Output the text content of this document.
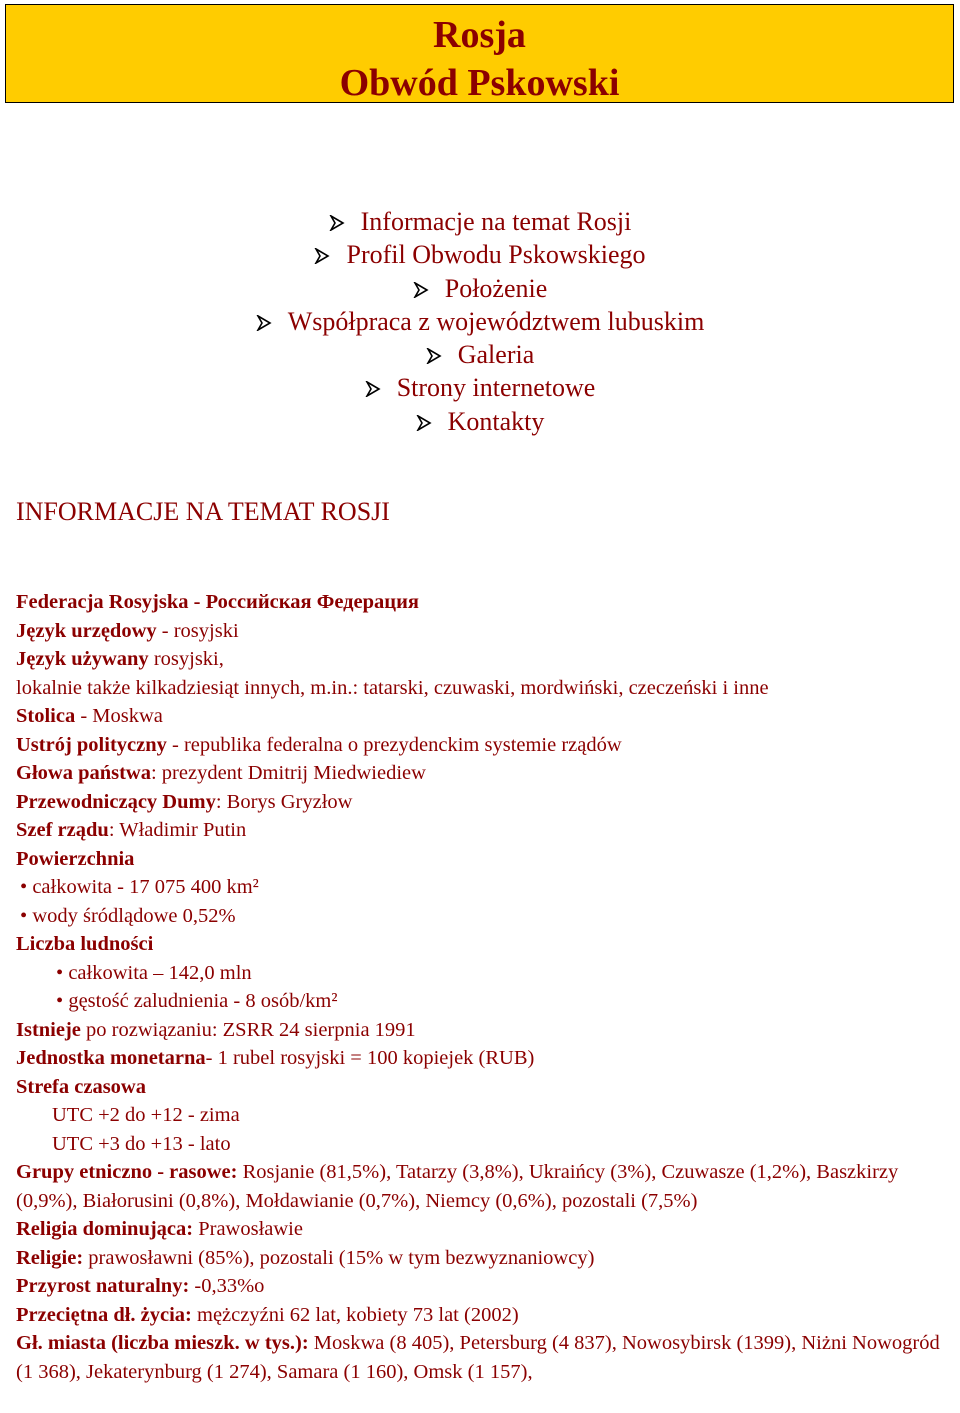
Rosja
Obwód Pskowski
Informacje na temat Rosji
Profil Obwodu Pskowskiego
Położenie
Współpraca z województwem lubuskim
Galeria
Strony internetowe
Kontakty
INFORMACJE NA TEMAT ROSJI
Federacja Rosyjska - Российская Федерация
Język urzędowy - rosyjski
Język używany rosyjski,
lokalnie także kilkadziesiąt innych, m.in.: tatarski, czuwaski, mordwiński, czeczeński i inne
Stolica - Moskwa
Ustrój polityczny - republika federalna o prezydenckim systemie rządów
Głowa państwa: prezydent Dmitrij Miedwiediew
Przewodniczący Dumy: Borys Gryzłow
Szef rządu: Władimir Putin
Powierzchnia
• całkowita - 17 075 400 km²
• wody śródlądowe 0,52%
Liczba ludności
• całkowita – 142,0 mln
• gęstość zaludnienia - 8 osób/km²
Istnieje po rozwiązaniu: ZSRR 24 sierpnia 1991
Jednostka monetarna- 1 rubel rosyjski = 100 kopiejek (RUB)
Strefa czasowa
UTC +2 do +12 - zima
UTC +3 do +13 - lato
Grupy etniczno - rasowe: Rosjanie (81,5%), Tatarzy (3,8%), Ukraińcy (3%), Czuwasze (1,2%), Baszkirzy (0,9%), Białorusini (0,8%), Mołdawianie (0,7%), Niemcy (0,6%), pozostali (7,5%)
Religia dominująca: Prawosławie
Religie: prawosławni (85%), pozostali (15% w tym bezwyznaniowcy)
Przyrost naturalny: -0,33%o
Przeciętna dł. życia: mężczyźni 62 lat, kobiety 73 lat (2002)
Gł. miasta (liczba mieszk. w tys.): Moskwa (8 405), Petersburg (4 837), Nowosybirsk (1399), Niżni Nowogród (1 368), Jekaterynburg (1 274), Samara (1 160), Omsk (1 157),
